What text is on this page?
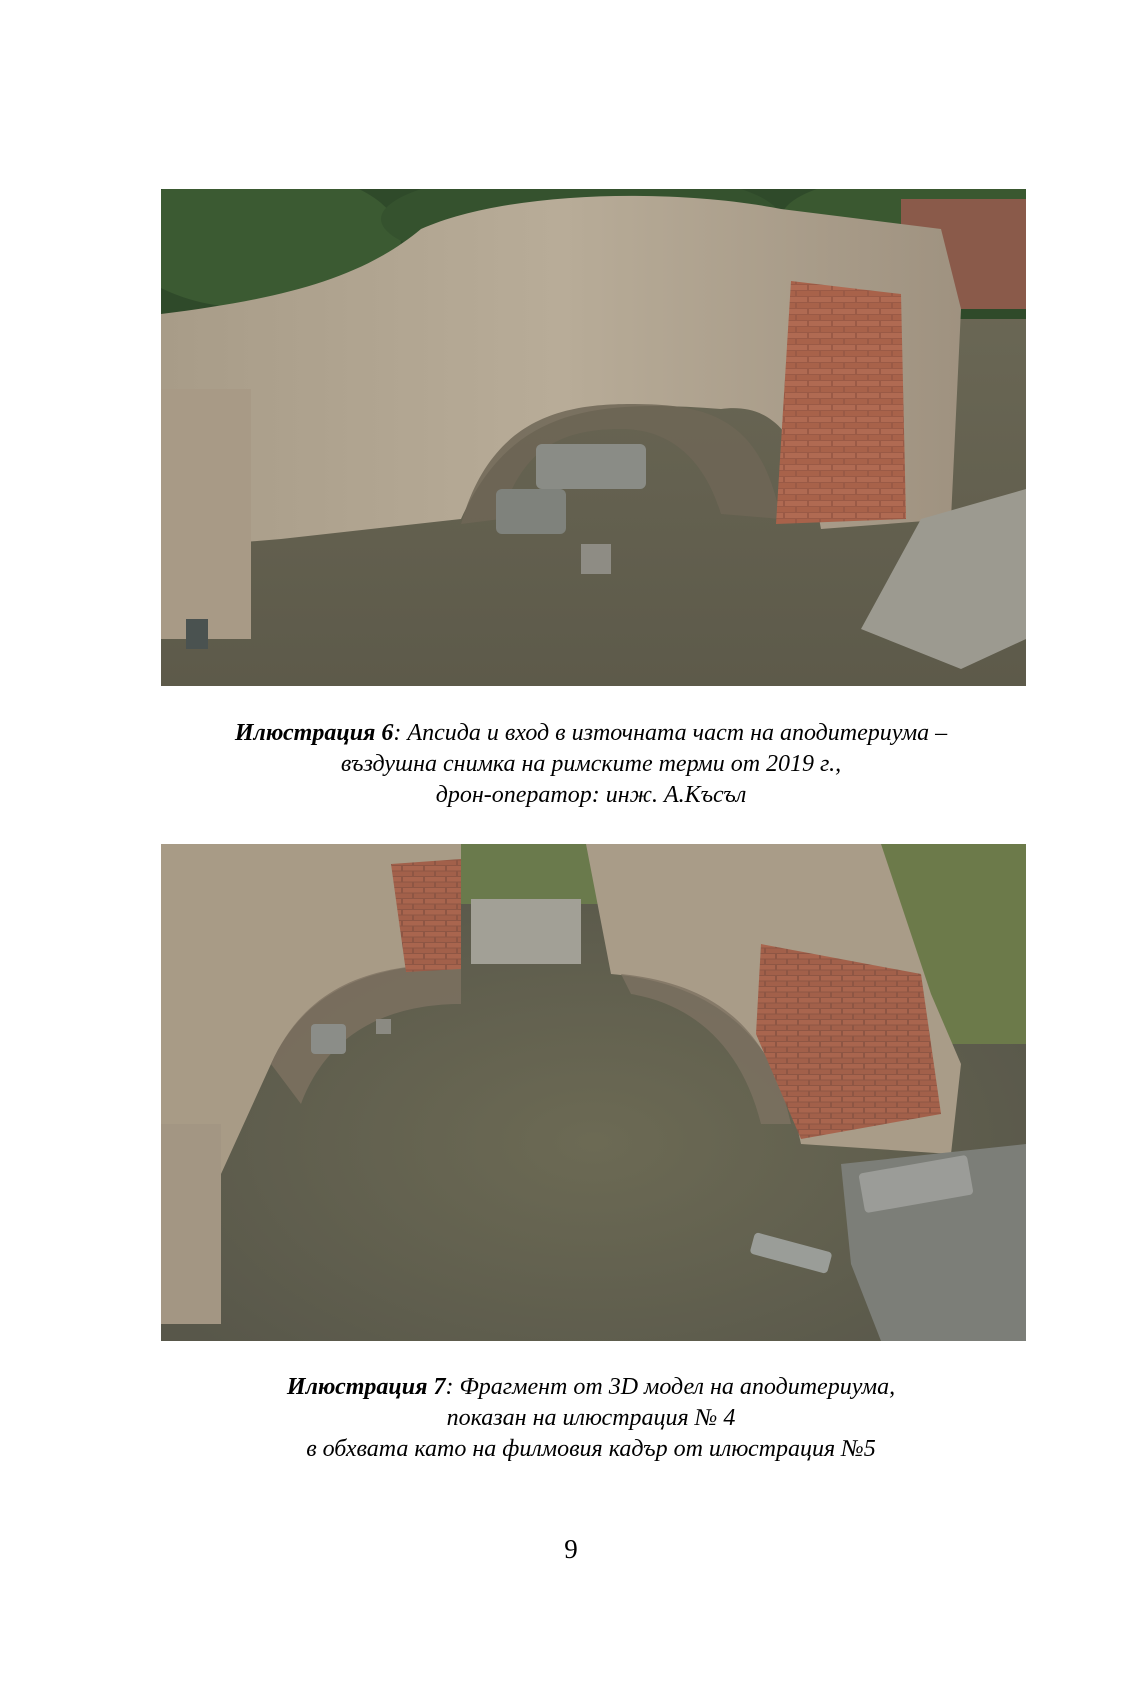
Илюстрация 6: Апсида и вход в източната част на аподитериума –
въздушна снимка на римските терми от 2019 г.,
дрон-оператор: инж. А.Късъл
Илюстрация 7: Фрагмент от 3D модел на аподитериума,
показан на илюстрация № 4
в обхвата като на филмовия кадър от илюстрация №5
9
